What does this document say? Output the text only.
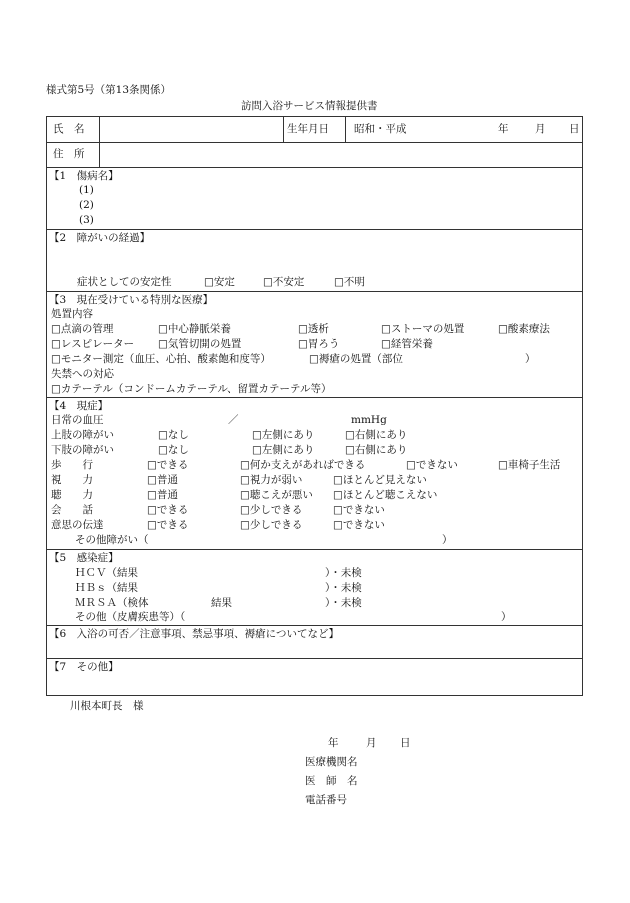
様式第5号（第13条関係）
訪問入浴サービス情報提供書
氏　名	生年月日 昭和・平成	年	月 日
住　所
【1　傷病名】
(1)
(2)
(3)
【2　障がいの経過】
症状としての安定性	□安定	□不安定	□不明
【3　現在受けている特別な医療】
処置内容
□点滴の管理	□中心静脈栄養	□透析	□ストーマの処置	□酸素療法
□レスピレーター □気管切開の処置	□胃ろう	□経管栄養
□モニター測定（血圧、心拍、酸素飽和度等）	□褥瘡の処置（部位	）
失禁への対応
□カテーテル（コンドームカテーテル、留置カテーテル等）
【4　現症】
日常の血圧	／	mmHg
上肢の障がい	□なし	□左側にあり	□右側にあり
下肢の障がい	□なし	□左側にあり	□右側にあり
歩　　行	□できる	□何か支えがあればできる	□できない	□車椅子生活
視　　力	□普通	□視力が弱い	□ほとんど見えない
聴　　力	□普通	□聴こえが悪い □ほとんど聴こえない
会　　話	□できる	□少しできる	□できない
意思の伝達	□できる	□少しできる	□できない
その他障がい（	）
【5　感染症】
ＨＣＶ（結果	）・未検
ＨＢｓ（結果	）・未検
ＭＲＳＡ（検体	結果	）・未検
その他（皮膚疾患等）（	）
【6　入浴の可否／注意事項、禁忌事項、褥瘡についてなど】
【7　その他】
川根本町長　様
年	月 日
医療機関名
医　師　名
電話番号
